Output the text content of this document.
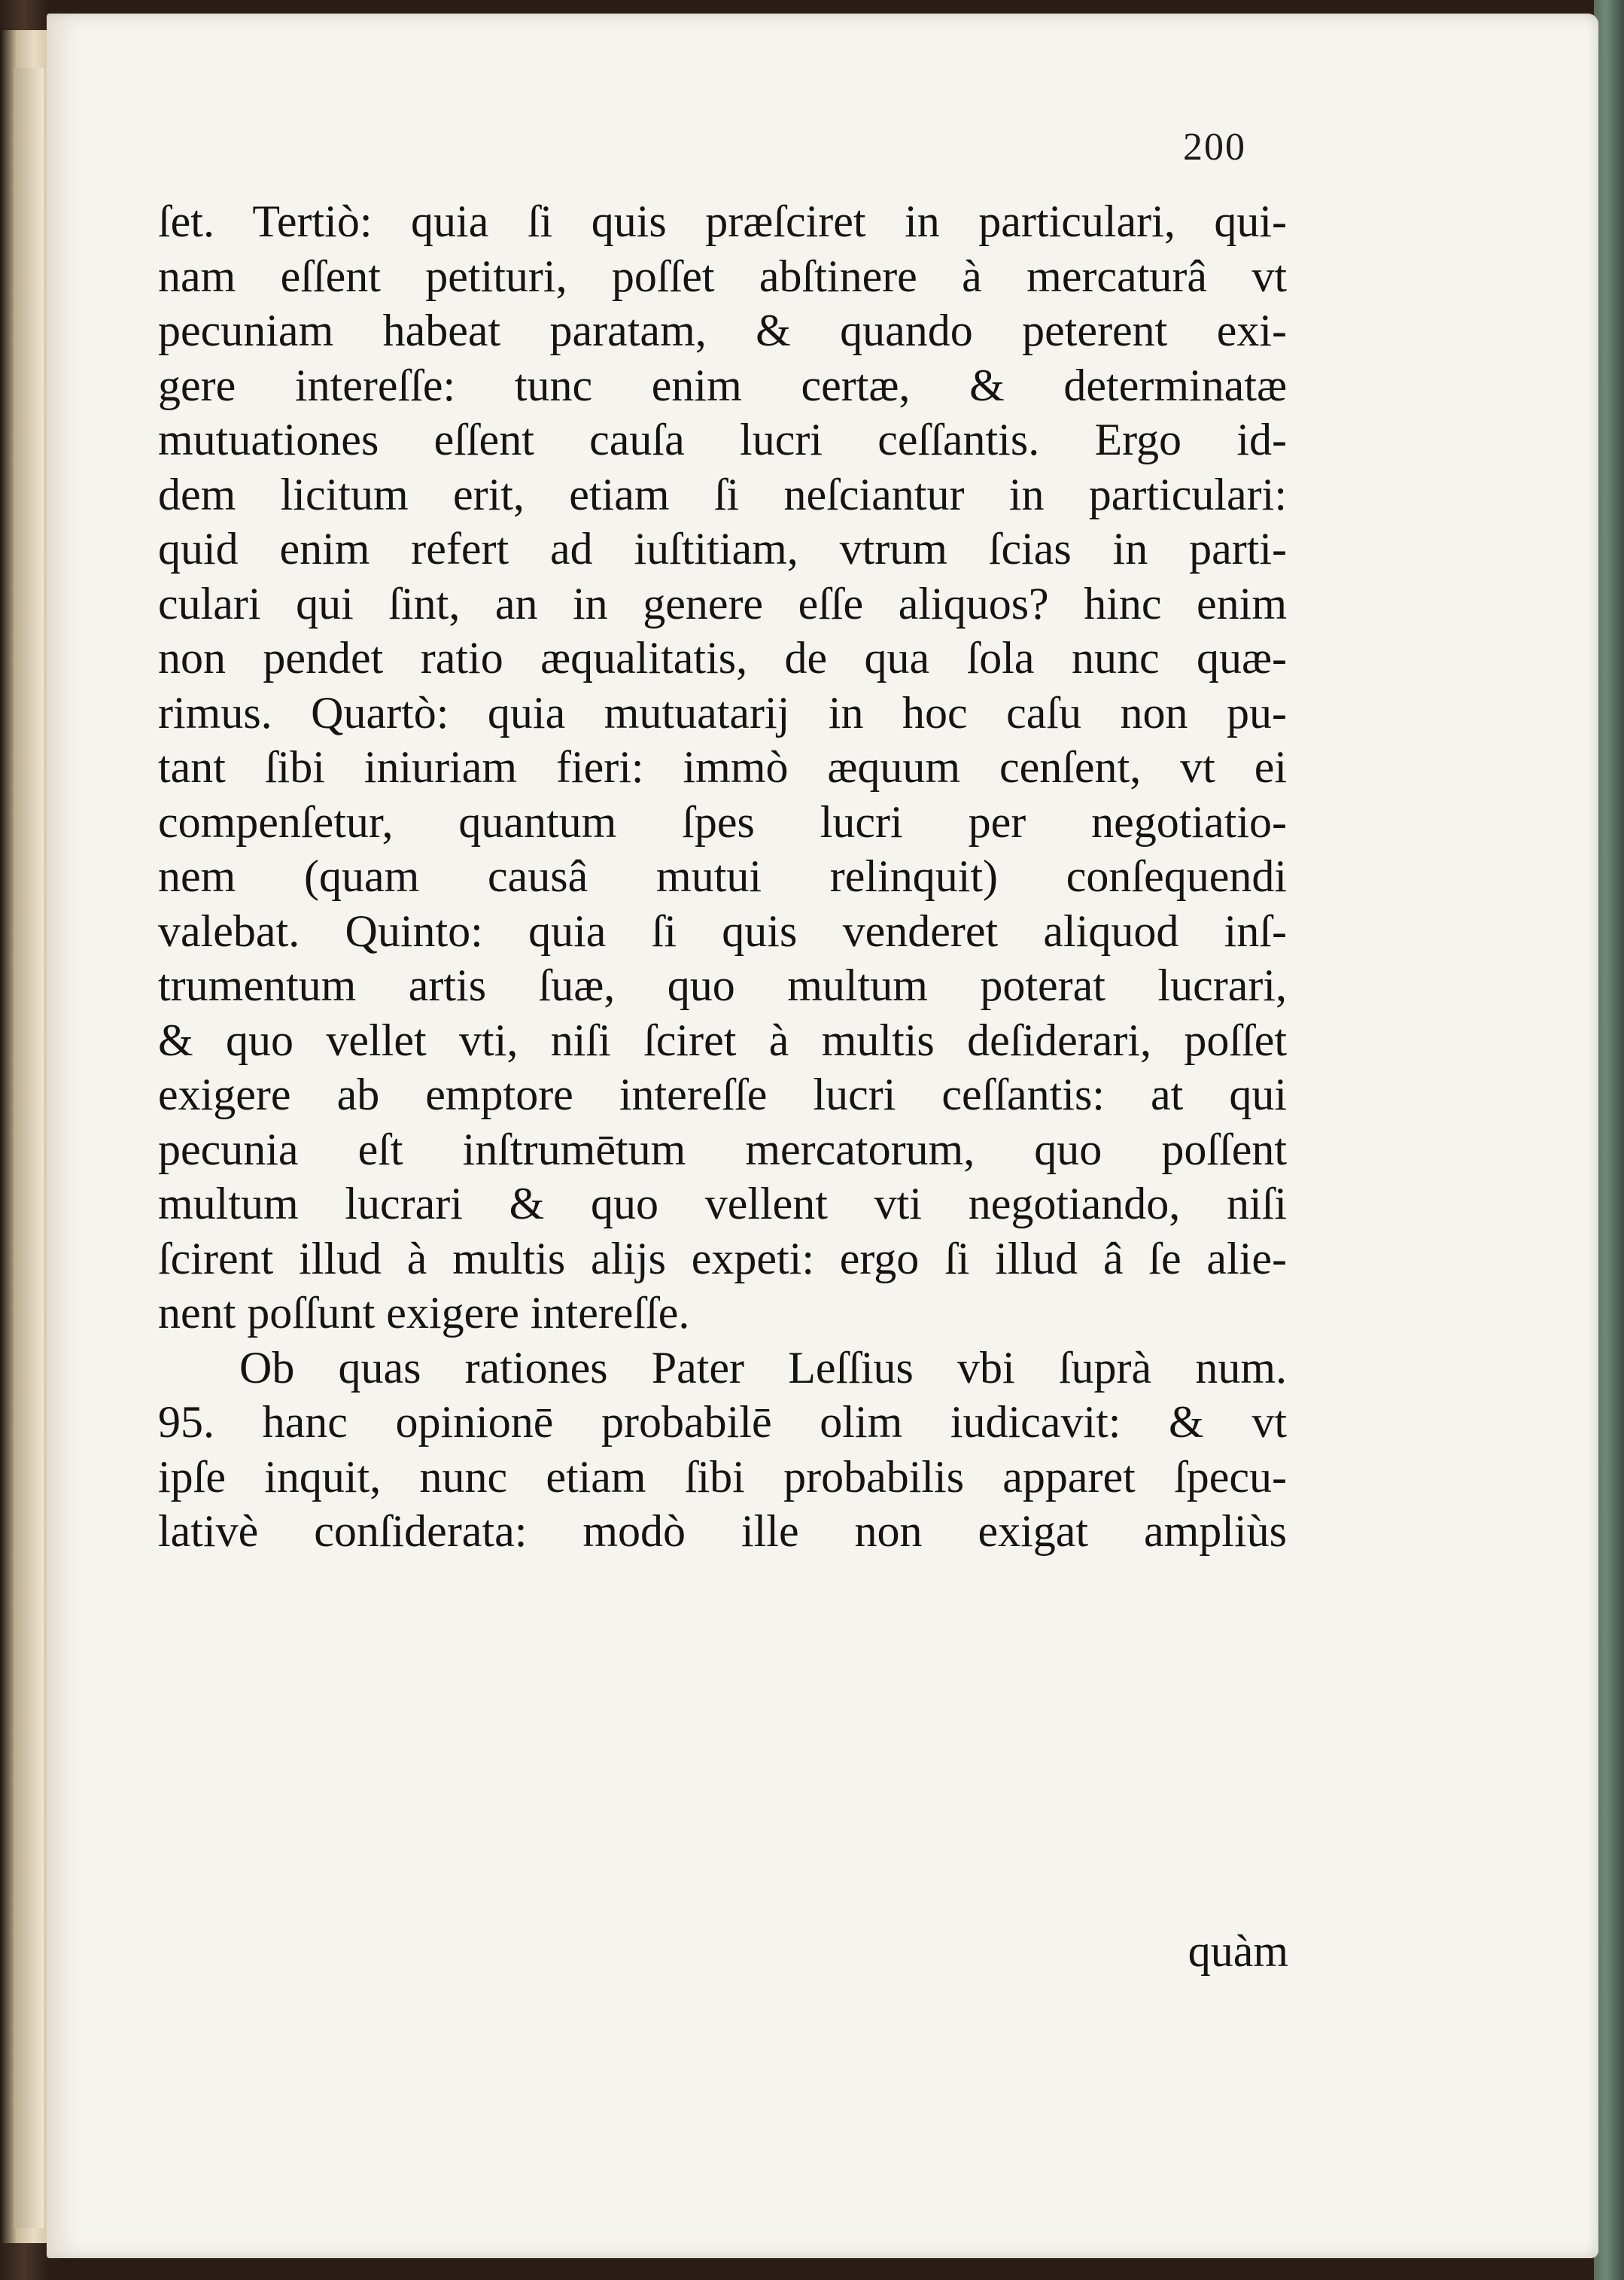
200
ſet. Tertiò: quia ſi quis præſciret in particulari, qui-
nam eſſent petituri, poſſet abſtinere à mercaturâ vt
pecuniam habeat paratam, & quando peterent exi-
gere intereſſe: tunc enim certæ, & determinatæ
mutuationes eſſent cauſa lucri ceſſantis. Ergo id-
dem licitum erit, etiam ſi neſciantur in particulari:
quid enim refert ad iuſtitiam, vtrum ſcias in parti-
culari qui ſint, an in genere eſſe aliquos? hinc enim
non pendet ratio æqualitatis, de qua ſola nunc quæ-
rimus. Quartò: quia mutuatarij in hoc caſu non pu-
tant ſibi iniuriam fieri: immò æquum cenſent, vt ei
compenſetur, quantum ſpes lucri per negotiatio-
nem (quam causâ mutui relinquit) conſequendi
valebat. Quinto: quia ſi quis venderet aliquod inſ-
trumentum artis ſuæ, quo multum poterat lucrari,
& quo vellet vti, niſi ſciret à multis deſiderari, poſſet
exigere ab emptore intereſſe lucri ceſſantis: at qui
pecunia eſt inſtrumētum mercatorum, quo poſſent
multum lucrari & quo vellent vti negotiando, niſi
ſcirent illud à multis alijs expeti: ergo ſi illud â ſe alie-
nent poſſunt exigere intereſſe.
Ob quas rationes Pater Leſſius vbi ſuprà num.
95. hanc opinionē probabilē olim iudicavit: & vt
ipſe inquit, nunc etiam ſibi probabilis apparet ſpecu-
lativè conſiderata: modò ille non exigat ampliùs
quàm
